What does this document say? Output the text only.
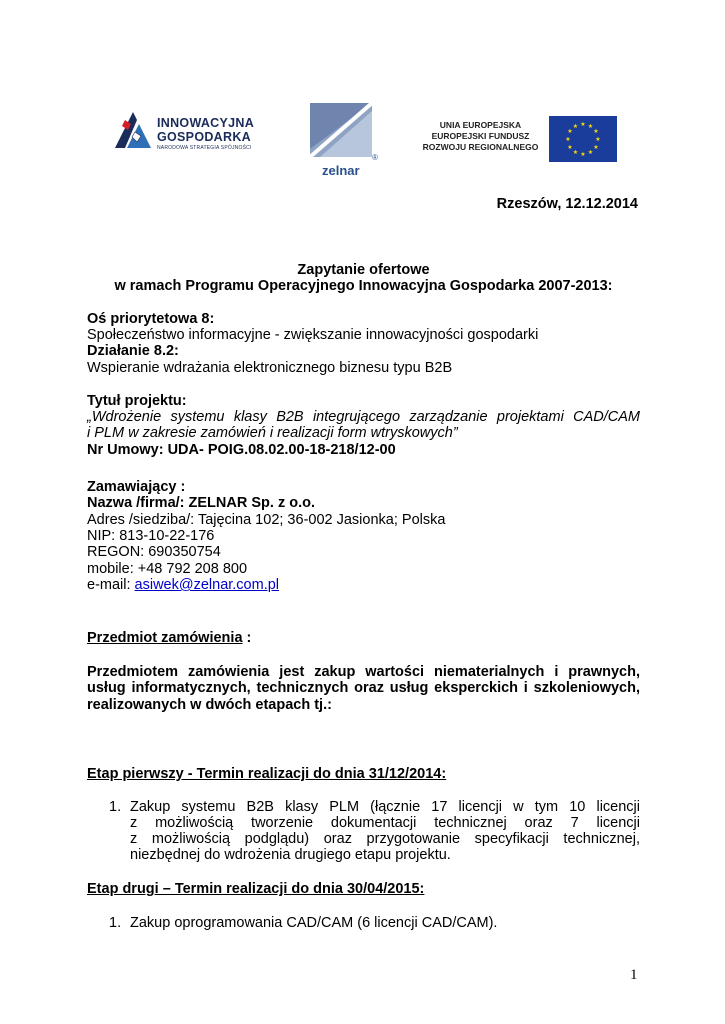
INNOWACYJNA
GOSPODARKA
NARODOWA STRATEGIA SPÓJNOŚCI
®
zelnar
UNIA EUROPEJSKA
EUROPEJSKI FUNDUSZ
ROZWOJU REGIONALNEGO
★ ★
★
★
★
★
★
★
★
★
★
★
Rzeszów, 12.12.2014
Zapytanie ofertowe
w ramach Programu Operacyjnego Innowacyjna Gospodarka 2007-2013:
Oś priorytetowa 8:
Społeczeństwo informacyjne - zwiększanie innowacyjności gospodarki
Działanie 8.2:
Wspieranie wdrażania elektronicznego biznesu typu B2B
Tytuł projektu:
„Wdrożenie systemu klasy B2B integrującego zarządzanie projektami CAD/CAM
i PLM w zakresie zamówień i realizacji form wtryskowych”
Nr Umowy: UDA- POIG.08.02.00-18-218/12-00
Zamawiający :
Nazwa /firma/: ZELNAR Sp. z o.o.
Adres /siedziba/: Tajęcina 102; 36-002 Jasionka; Polska
NIP: 813-10-22-176
REGON: 690350754
mobile: +48 792 208 800
e-mail: asiwek@zelnar.com.pl
Przedmiot zamówienia :
Przedmiotem zamówienia jest zakup wartości niematerialnych i prawnych,
usług informatycznych, technicznych oraz usług eksperckich i szkoleniowych,
realizowanych w dwóch etapach tj.:
Etap pierwszy - Termin realizacji do dnia 31/12/2014:
1. Zakup systemu B2B klasy PLM (łącznie 17 licencji w tym 10 licencji
z możliwością tworzenie dokumentacji technicznej oraz 7 licencji
z możliwością podglądu) oraz przygotowanie specyfikacji technicznej,
niezbędnej do wdrożenia drugiego etapu projektu.
Etap drugi – Termin realizacji do dnia 30/04/2015:
1. Zakup oprogramowania CAD/CAM (6 licencji CAD/CAM).
1
